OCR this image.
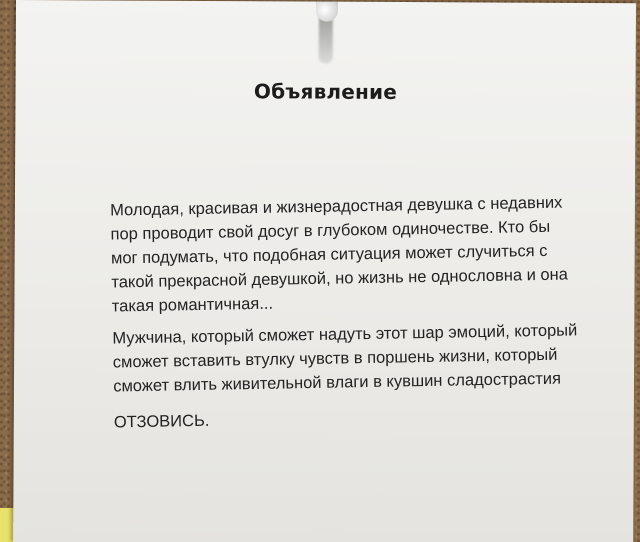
Объявление

Молодая, красивая и жизнерадостная девушка с недавних пор проводит свой досуг в глубоком одиночестве. Кто бы мог подумать, что подобная ситуация может случиться с такой прекрасной девушкой, но жизнь не однословна и она такая романтичная...

Мужчина, который сможет надуть этот шар эмоций, который сможет вставить втулку чувств в поршень жизни, который сможет влить живительной влаги в кувшин сладострастия

ОТЗОВИСЬ.
